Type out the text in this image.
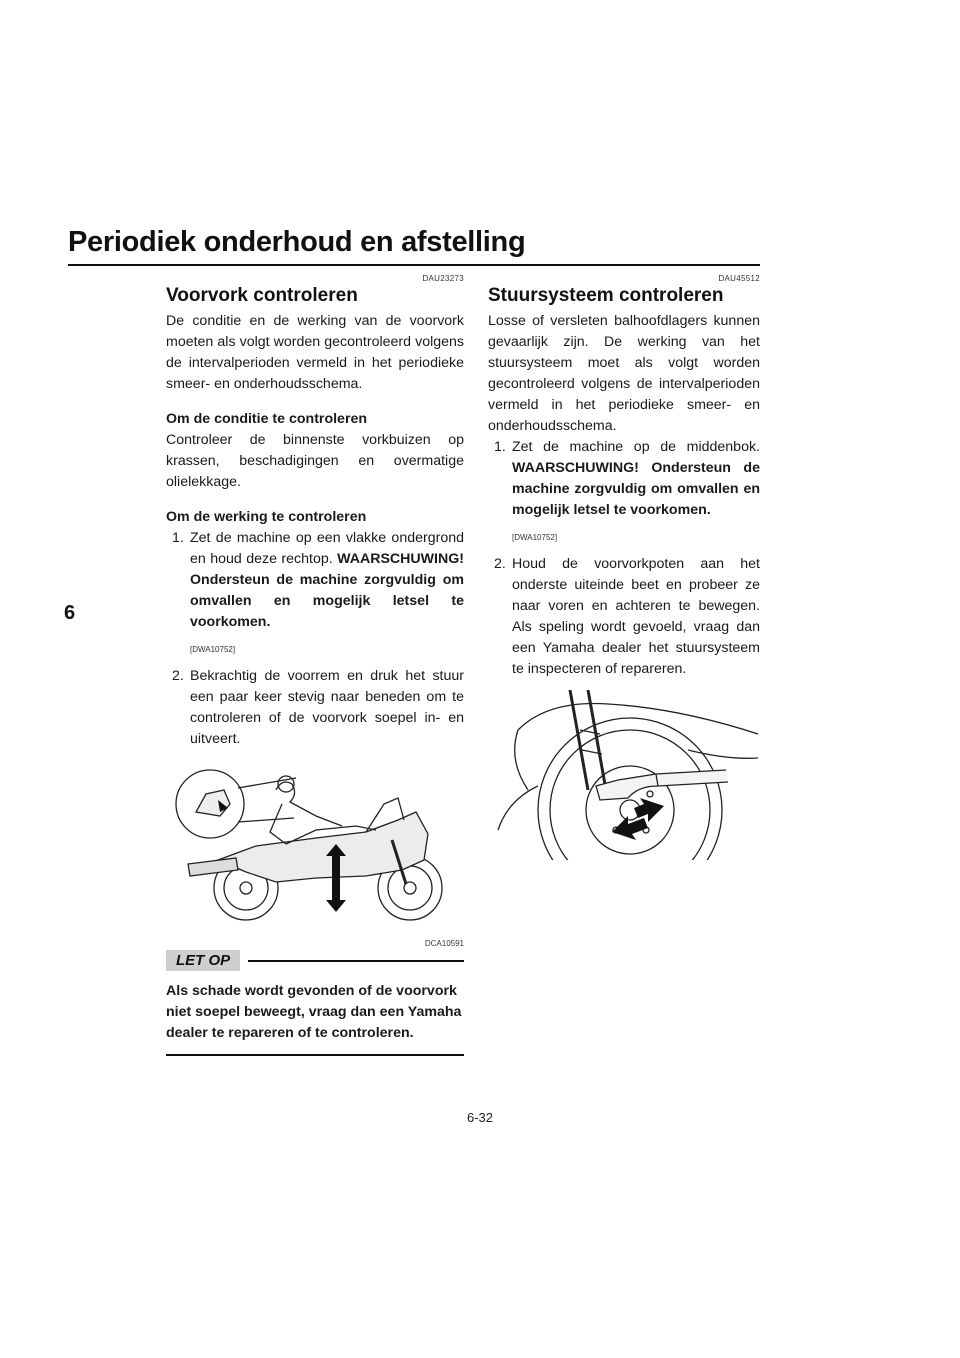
Periodiek onderhoud en afstelling
6
DAU23273
Voorvork controleren

De conditie en de werking van de voorvork moeten als volgt worden gecontroleerd volgens de intervalperioden vermeld in het periodieke smeer- en onderhoudsschema.

Om de conditie te controleren

Controleer de binnenste vorkbuizen op krassen, beschadigingen en overmatige olielekkage.

Om de werking te controleren
1. Zet de machine op een vlakke ondergrond en houd deze rechtop. WAARSCHUWING! Ondersteun de machine zorgvuldig om omvallen en mogelijk letsel te voorkomen.
[DWA10752]
2. Bekrachtig de voorrem en druk het stuur een paar keer stevig naar beneden om te controleren of de voorvork soepel in- en uitveert.
DCA10591
LET OP
Als schade wordt gevonden of de voorvork niet soepel beweegt, vraag dan een Yamaha dealer te repareren of te controleren.
DAU45512
Stuursysteem controleren

Losse of versleten balhoofdlagers kunnen gevaarlijk zijn. De werking van het stuursysteem moet als volgt worden gecontroleerd volgens de intervalperioden vermeld in het periodieke smeer- en onderhoudsschema.

1. Zet de machine op de middenbok. WAARSCHUWING! Ondersteun de machine zorgvuldig om omvallen en mogelijk letsel te voorkomen.
[DWA10752]
2. Houd de voorvorkpoten aan het onderste uiteinde beet en probeer ze naar voren en achteren te bewegen. Als speling wordt gevoeld, vraag dan een Yamaha dealer het stuursysteem te inspecteren of repareren.
6-32
